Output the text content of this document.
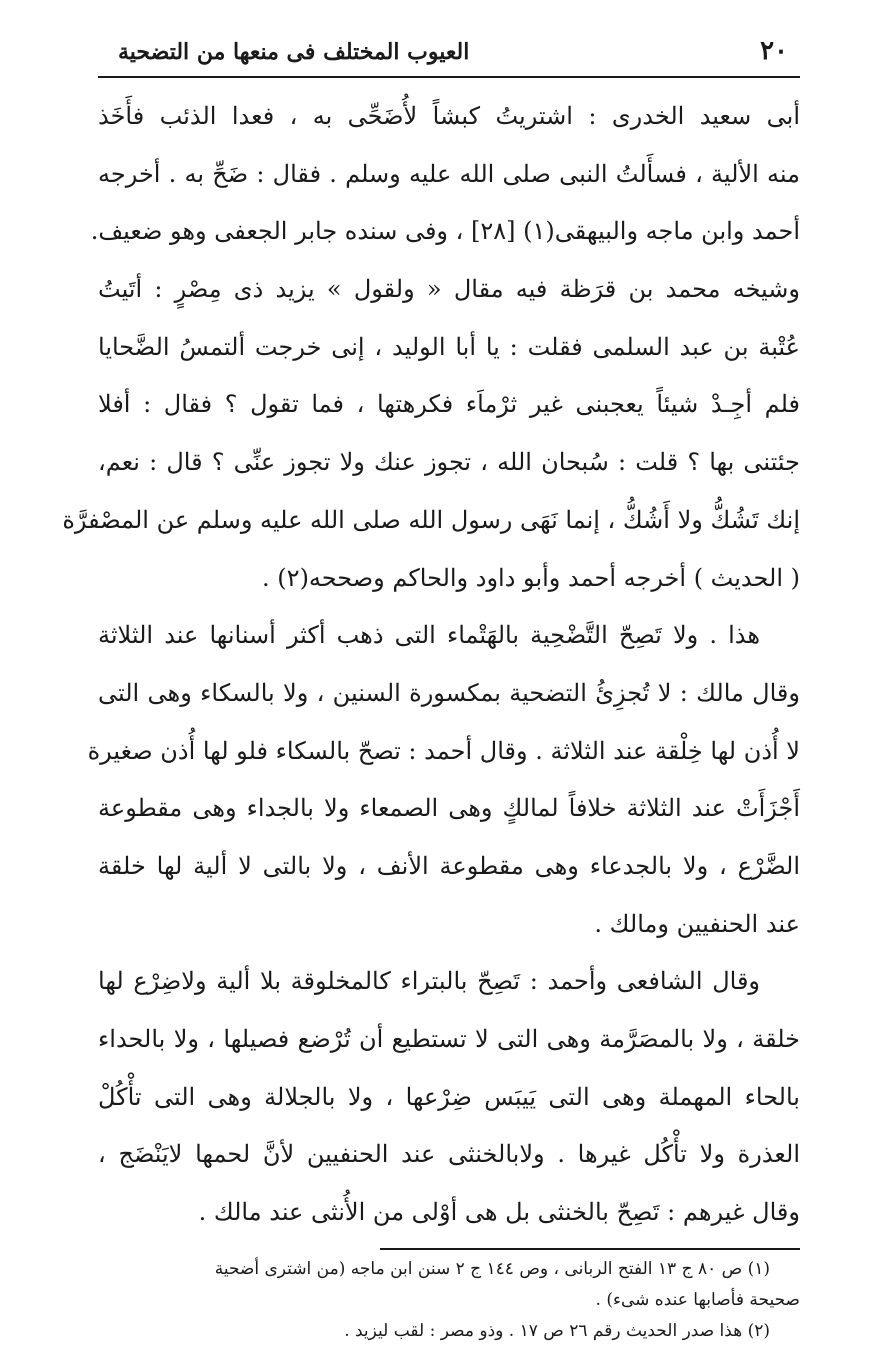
٢٠
العيوب المختلف فى منعها من التضحية
أبى سعيد الخدرى : اشتريتُ كبشاً لأُضَحِّى به ، فعدا الذئب فأَخَذ
منه الألية ، فسأَلتُ النبى صلى الله عليه وسلم . فقال : ضَحِّ به . أخرجه
أحمد وابن ماجه والبيهقى(١) [٢٨] ، وفى سنده جابر الجعفى وهو ضعيف.
وشيخه محمد بن قرَظة فيه مقال « ولقول » يزيد ذى مِصْرٍ : أتَيتُ
عُتْبة بن عبد السلمى فقلت : يا أبا الوليد ، إنى خرجت ألتمسُ الضَّحايا
فلم أجِـدْ شيئاً يعجبنى غير ثرْماَء فكرهتها ، فما تقول ؟ فقال : أفلا
جئتنى بها ؟ قلت : سُبحان الله ، تجوز عنك ولا تجوز عنِّى ؟ قال : نعم،
إنك تَشُكُّ ولا أَشُكُّ ، إنما نَهَى رسول الله صلى الله عليه وسلم عن المصْفرَّة
( الحديث ) أخرجه أحمد وأبو داود والحاكم وصححه(٢) .
هذا . ولا تَصِحّ التَّضْحِية بالهَتْماء التى ذهب أكثر أسنانها عند الثلاثة
وقال مالك : لا تُجزِئُ التضحية بمكسورة السنين ، ولا بالسكاء وهى التى
لا أُذن لها خِلْقة عند الثلاثة . وقال أحمد : تصحّ بالسكاء فلو لها أُذن صغيرة
أَجْزَأَتْ عند الثلاثة خلافاً لمالكٍ وهى الصمعاء ولا بالجداء وهى مقطوعة
الضَّرْع ، ولا بالجدعاء وهى مقطوعة الأنف ، ولا بالتى لا ألية لها خلقة
عند الحنفيين ومالك .
وقال الشافعى وأحمد : تَصِحّ بالبتراء كالمخلوقة بلا ألية ولاضِرْع لها
خلقة ، ولا بالمصَرَّمة وهى التى لا تستطيع أن تُرْضع فصيلها ، ولا بالحداء
بالحاء المهملة وهى التى يَيبَس ضِرْعها ، ولا بالجلالة وهى التى تأْكُلْ
العذرة ولا تأْكُل غيرها . ولابالخنثى عند الحنفيين لأنَّ لحمها لايَنْضَج ،
وقال غيرهم : تَصِحّ بالخنثى بل هى أوْلى من الأُنثى عند مالك .
(١) ص ٨٠ ج ١٣ الفتح الربانى ، وص ١٤٤ ج ٢ سنن ابن ماجه (من اشترى أضحية
صحيحة فأصابها عنده شىء) .
(٢) هذا صدر الحديث رقم ٢٦ ص ١٧ . وذو مصر : لقب ليزيد .
